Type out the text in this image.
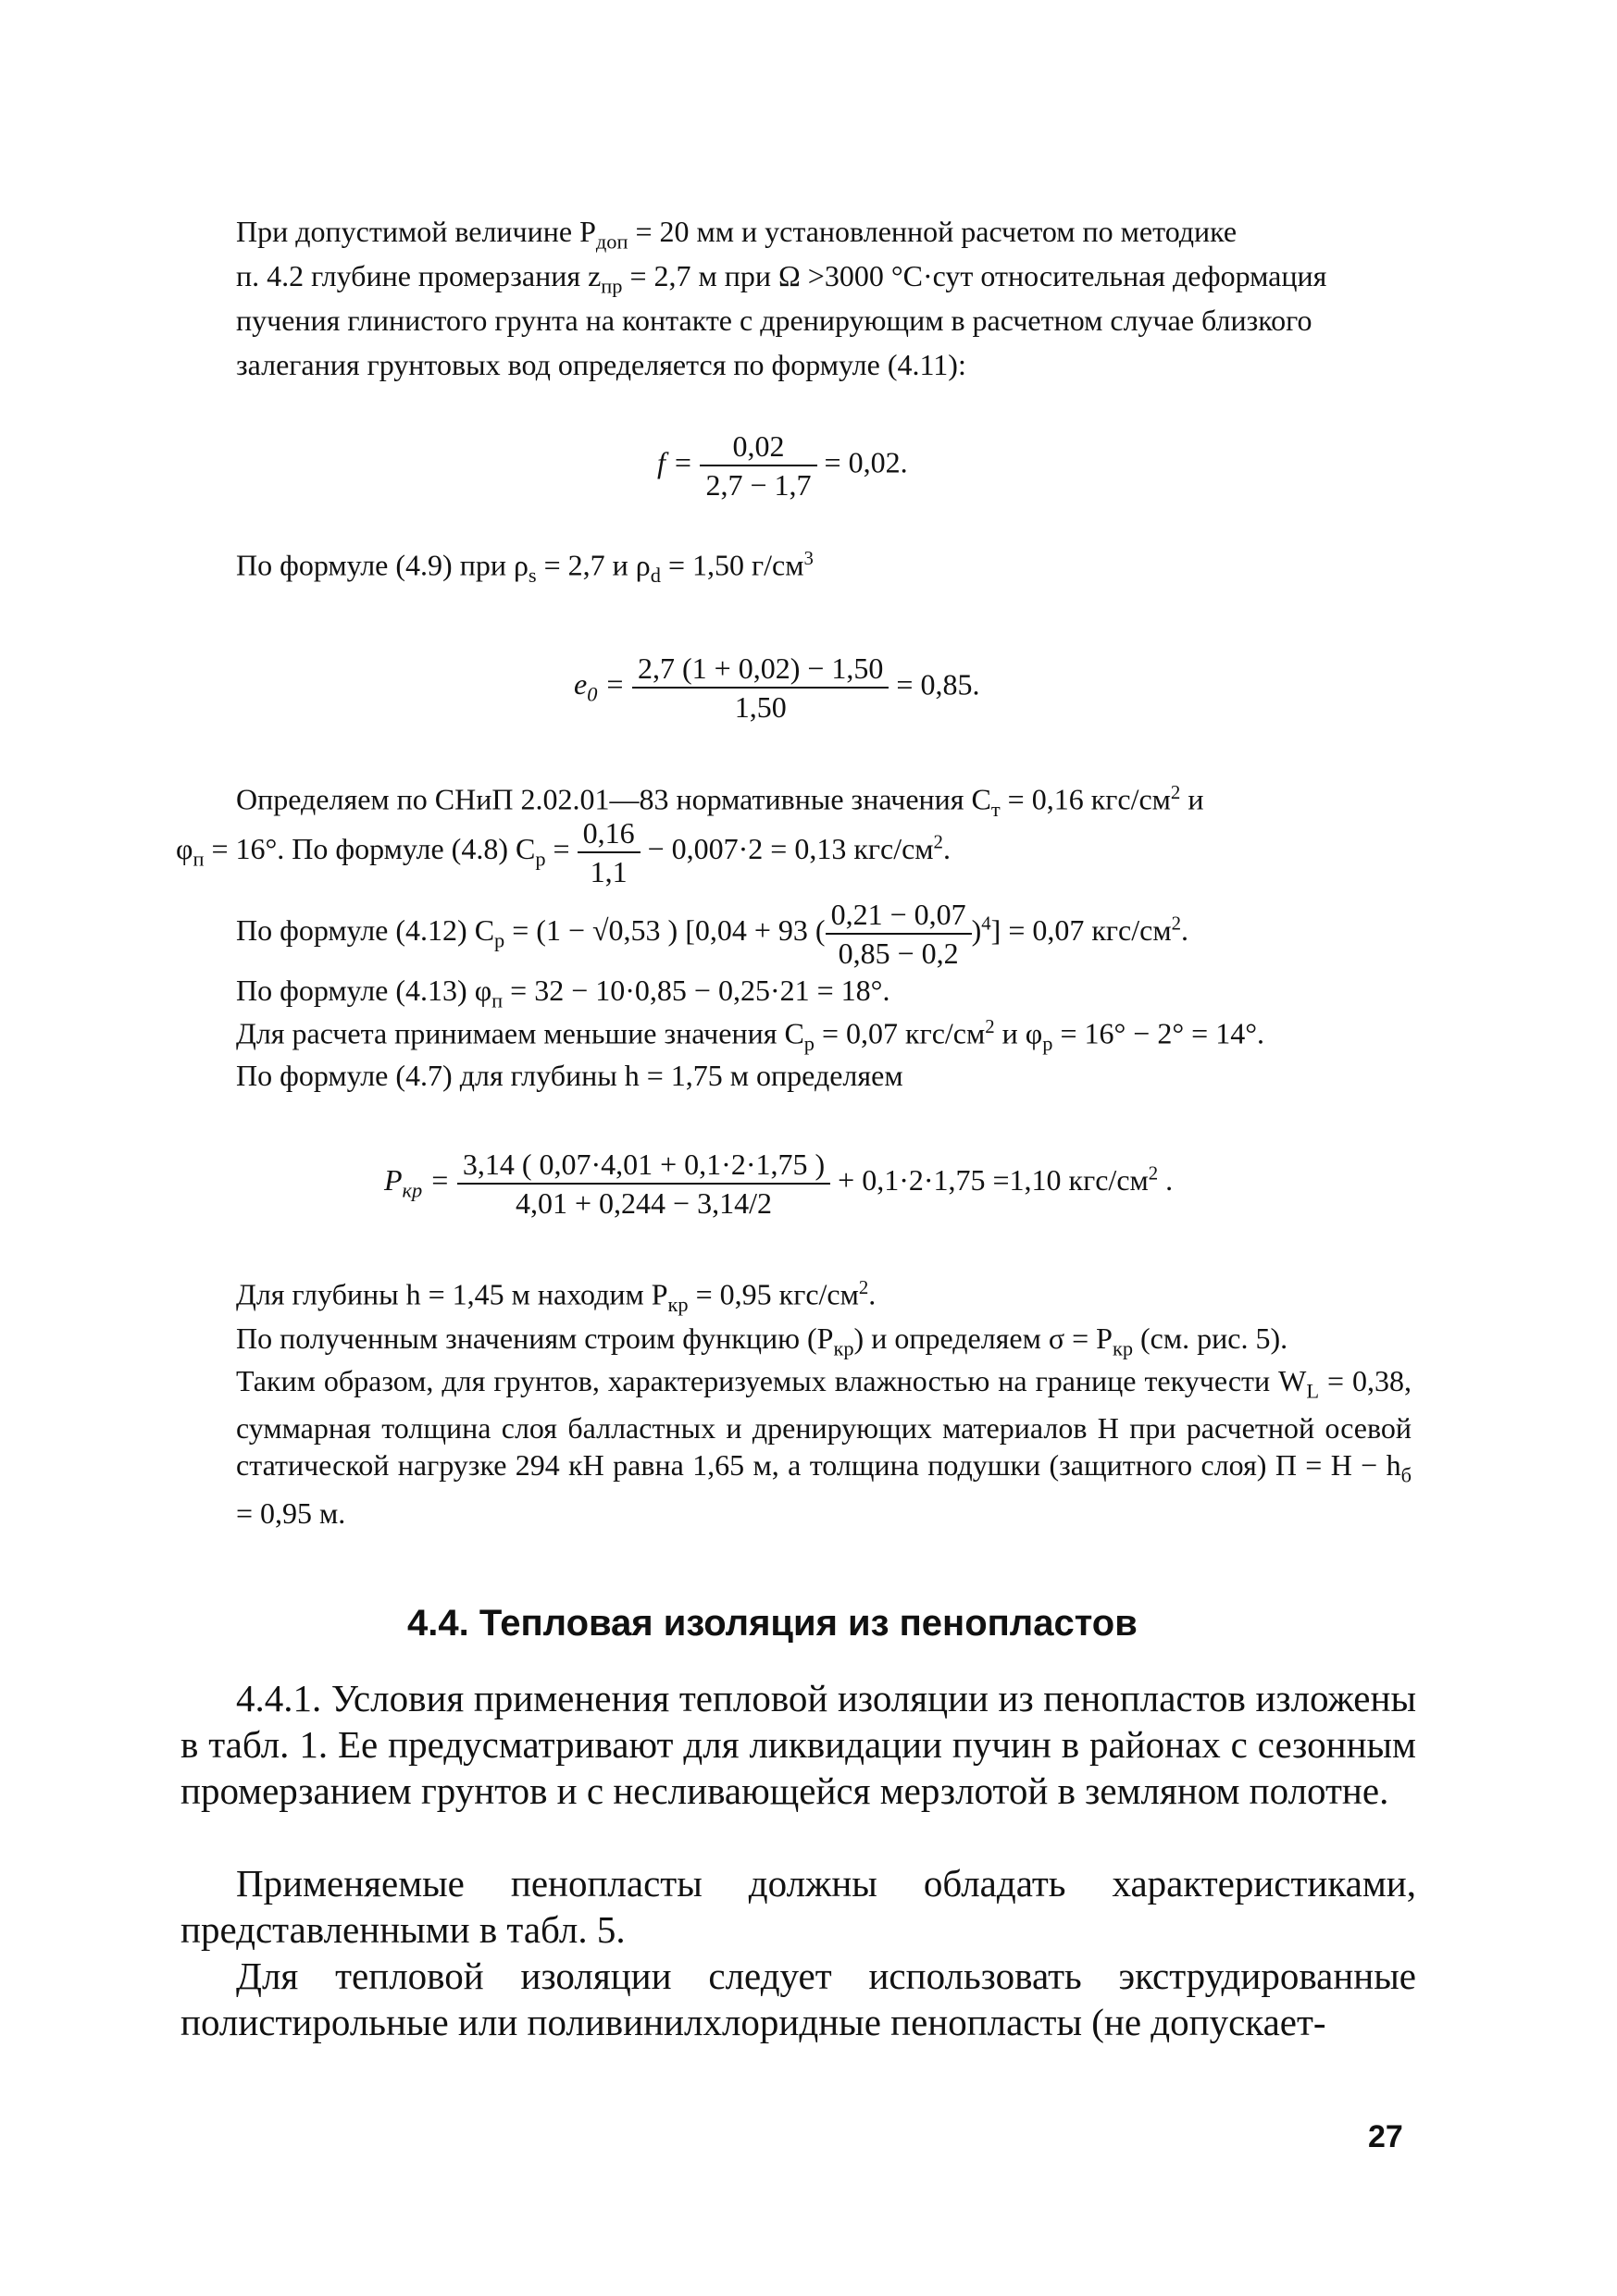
При допустимой величине $P_{доп} = 20$ мм и установленной расчетом по методике
п. 4.2 глубине промерзания $z_{пр} = 2,7$ м при Ω >3000 °С·сут относительная деформация
пучения глинистого грунта на контакте с дренирующим в расчетном случае близкого
залегания грунтовых вод определяется по формуле (4.11):
$f = \frac{0,02}{2,7 - 1,7} = 0,02$.
По формуле (4.9) при $\rho_s = 2,7$ и $\rho_d = 1,50$ $г/см^3$
$e_0 = \frac{2,7 (1 + 0,02) - 1,50}{1,50} = 0,85$.
Определяем по СНиП 2.02.01—83 нормативные значения $C_т = 0,16$ кгс/$см^2$ и
$\varphi_п = 16^\circ$. По формуле (4.8) $C_p = \frac{0,16}{1,1} - 0,007\cdot 2 = 0,13$ кгс/$см^2$.
По формуле (4.12) $C_p = (1 - √0,53$ ) [0,04 + 93 ( $\frac{0,21 - 0,07}{0,85 - 0,2} )^4] = 0,07$ кгс/$см^2$.
По формуле (4.13) $\varphi_п = 32 - 10\cdot 0,85 - 0,25\cdot 21 = 18^\circ$.
Для расчета принимаем меньшие значения $C_p = 0,07$ кгс/$см^2$ и $\varphi_p = 16^\circ - 2^\circ = 14^\circ$.
По формуле (4.7) для глубины h = 1,75 м определяем
$P_{кр} = \frac{3,14 ( 0,07\cdot 4,01 + 0,1\cdot 2\cdot 1,75 )}{4,01 + 0,244 - 3,14/2} + 0,1\cdot 2\cdot 1,75 =1,10$ кгс/$см^2$ .
Для глубины h = 1,45 м находим $P_{кр} = 0,95$ кгс/$см^2$.
По полученным значениям строим функцию $(P_{кр})$ и определяем $\sigma = P_{кр}$ (см. рис. 5).
Таким образом, для грунтов, характеризуемых влажностью на границе текучести $W_L = 0,38$, суммарная толщина слоя балластных и дренирующих материалов H при расчетной осевой статической нагрузке 294 кН равна 1,65 м, а толщина подушки (защитного слоя) $П = H - h_б = 0,95$ м.
4.4. Тепловая изоляция из пенопластов
4.4.1. Условия применения тепловой изоляции из пенопластов изложены в табл. 1. Ее предусматривают для ликвидации пучин в районах с сезонным промерзанием грунтов и с несливающейся мерзлотой в земляном полотне.
Применяемые пенопласты должны обладать характеристиками, представленными в табл. 5.
Для тепловой изоляции следует использовать экструдированные полистирольные или поливинилхлоридные пенопласты (не допускает-
27
